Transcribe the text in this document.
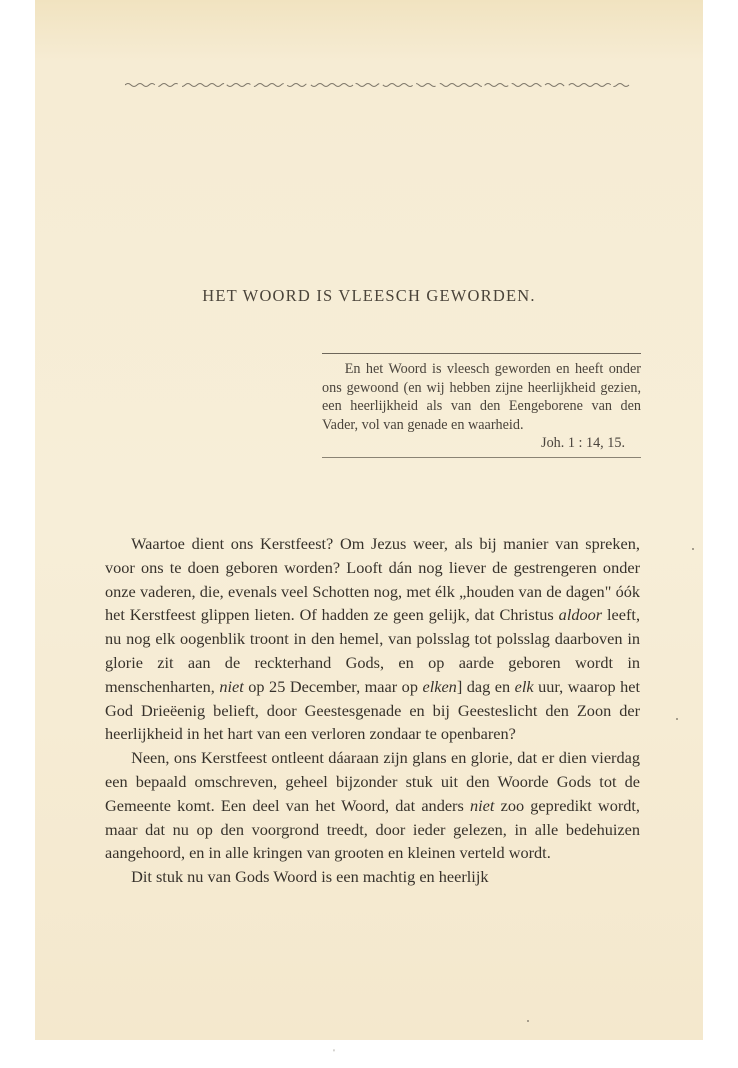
HET WOORD IS VLEESCH GEWORDEN.
En het Woord is vleesch geworden en heeft onder ons gewoond (en wij hebben zijne heerlijkheid gezien, een heerlijkheid als van den Eengeborene van den Vader, vol van genade en waarheid.
Joh. 1 : 14, 15.

Waartoe dient ons Kerstfeest? Om Jezus weer, als bij manier van spreken, voor ons te doen geboren worden? Looft dán nog liever de gestrengeren onder onze vaderen, die, evenals veel Schotten nog, met élk „houden van de dagen" óók het Kerstfeest glippen lieten. Of hadden ze geen gelijk, dat Christus aldoor leeft, nu nog elk oogenblik troont in den hemel, van polsslag tot polsslag daarboven in glorie zit aan de reckterhand Gods, en op aarde geboren wordt in menschenharten, niet op 25 December, maar op elken] dag en elk uur, waarop het God Drieëenig belieft, door Geestesgenade en bij Geesteslicht den Zoon der heerlijkheid in het hart van een verloren zondaar te openbaren?

Neen, ons Kerstfeest ontleent dáaraan zijn glans en glorie, dat er dien vierdag een bepaald omschreven, geheel bijzonder stuk uit den Woorde Gods tot de Gemeente komt. Een deel van het Woord, dat anders niet zoo gepredikt wordt, maar dat nu op den voorgrond treedt, door ieder gelezen, in alle bedehuizen aangehoord, en in alle kringen van grooten en kleinen verteld wordt.

Dit stuk nu van Gods Woord is een machtig en heerlijk

'
